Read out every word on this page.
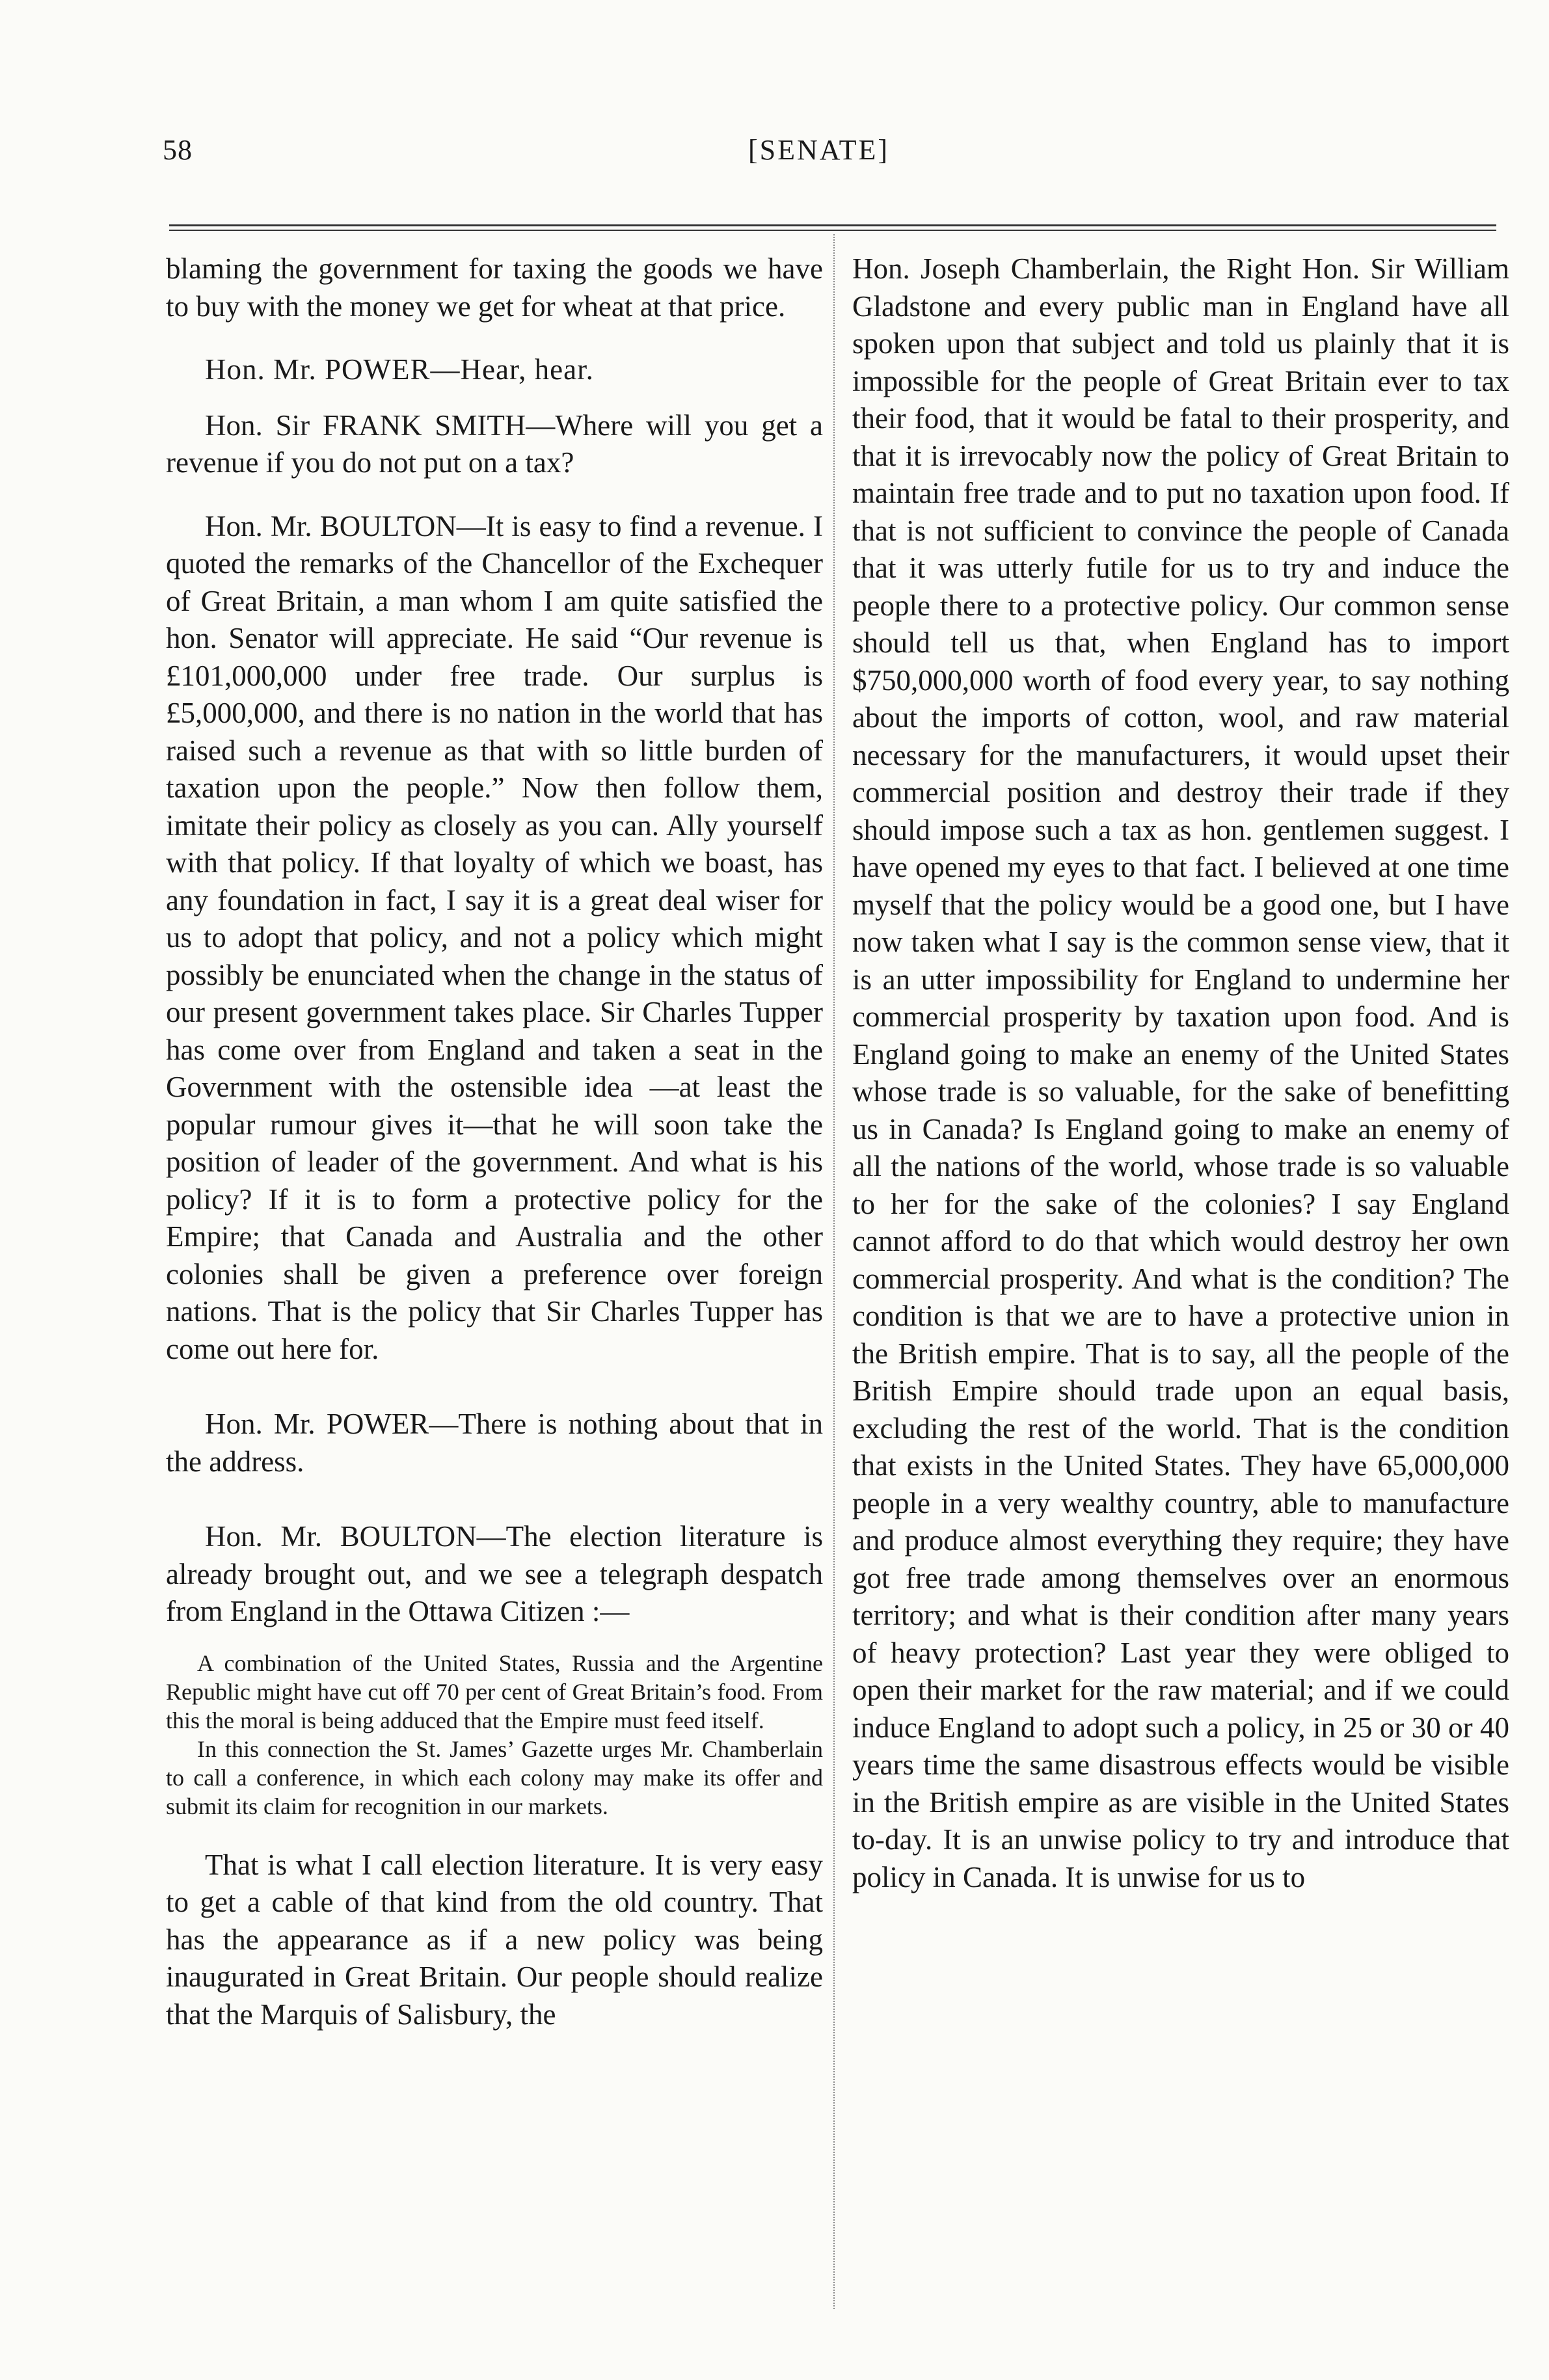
58	[SENATE]

blaming the government for taxing the goods we have to buy with the money we get for wheat at that price.

Hon. Mr. POWER—Hear, hear.

Hon. Sir FRANK SMITH—Where will you get a revenue if you do not put on a tax?

Hon. Mr. BOULTON—It is easy to find a revenue. I quoted the remarks of the Chancellor of the Exchequer of Great Britain, a man whom I am quite satisfied the hon. Senator will appreciate. He said “Our revenue is £101,000,000 under free trade. Our surplus is £5,000,000, and there is no nation in the world that has raised such a revenue as that with so little burden of taxation upon the people.” Now then follow them, imitate their policy as closely as you can. Ally yourself with that policy. If that loyalty of which we boast, has any foundation in fact, I say it is a great deal wiser for us to adopt that policy, and not a policy which might possibly be enunciated when the change in the status of our present government takes place. Sir Charles Tupper has come over from England and taken a seat in the Government with the ostensible idea —at least the popular rumour gives it—that he will soon take the position of leader of the government. And what is his policy? If it is to form a protective policy for the Empire; that Canada and Australia and the other colonies shall be given a preference over foreign nations. That is the policy that Sir Charles Tupper has come out here for.

Hon. Mr. POWER—There is nothing about that in the address.

Hon. Mr. BOULTON—The election literature is already brought out, and we see a telegraph despatch from England in the Ottawa Citizen :—

A combination of the United States, Russia and the Argentine Republic might have cut off 70 per cent of Great Britain’s food. From this the moral is being adduced that the Empire must feed itself.

In this connection the St. James’ Gazette urges Mr. Chamberlain to call a conference, in which each colony may make its offer and submit its claim for recognition in our markets.

That is what I call election literature. It is very easy to get a cable of that kind from the old country. That has the appearance as if a new policy was being inaugurated in Great Britain. Our people should realize that the Marquis of Salisbury, the

Hon. Joseph Chamberlain, the Right Hon. Sir William Gladstone and every public man in England have all spoken upon that subject and told us plainly that it is impossible for the people of Great Britain ever to tax their food, that it would be fatal to their prosperity, and that it is irrevocably now the policy of Great Britain to maintain free trade and to put no taxation upon food. If that is not sufficient to convince the people of Canada that it was utterly futile for us to try and induce the people there to a protective policy. Our common sense should tell us that, when England has to import $750,000,000 worth of food every year, to say nothing about the imports of cotton, wool, and raw material necessary for the manufacturers, it would upset their commercial position and destroy their trade if they should impose such a tax as hon. gentlemen suggest. I have opened my eyes to that fact. I believed at one time myself that the policy would be a good one, but I have now taken what I say is the common sense view, that it is an utter impossibility for England to undermine her commercial prosperity by taxation upon food. And is England going to make an enemy of the United States whose trade is so valuable, for the sake of benefitting us in Canada? Is England going to make an enemy of all the nations of the world, whose trade is so valuable to her for the sake of the colonies? I say England cannot afford to do that which would destroy her own commercial prosperity. And what is the condition? The condition is that we are to have a protective union in the British empire. That is to say, all the people of the British Empire should trade upon an equal basis, excluding the rest of the world. That is the condition that exists in the United States. They have 65,000,000 people in a very wealthy country, able to manufacture and produce almost everything they require; they have got free trade among themselves over an enormous territory; and what is their condition after many years of heavy protection? Last year they were obliged to open their market for the raw material; and if we could induce England to adopt such a policy, in 25 or 30 or 40 years time the same disastrous effects would be visible in the British empire as are visible in the United States to-day. It is an unwise policy to try and introduce that policy in Canada. It is unwise for us to
